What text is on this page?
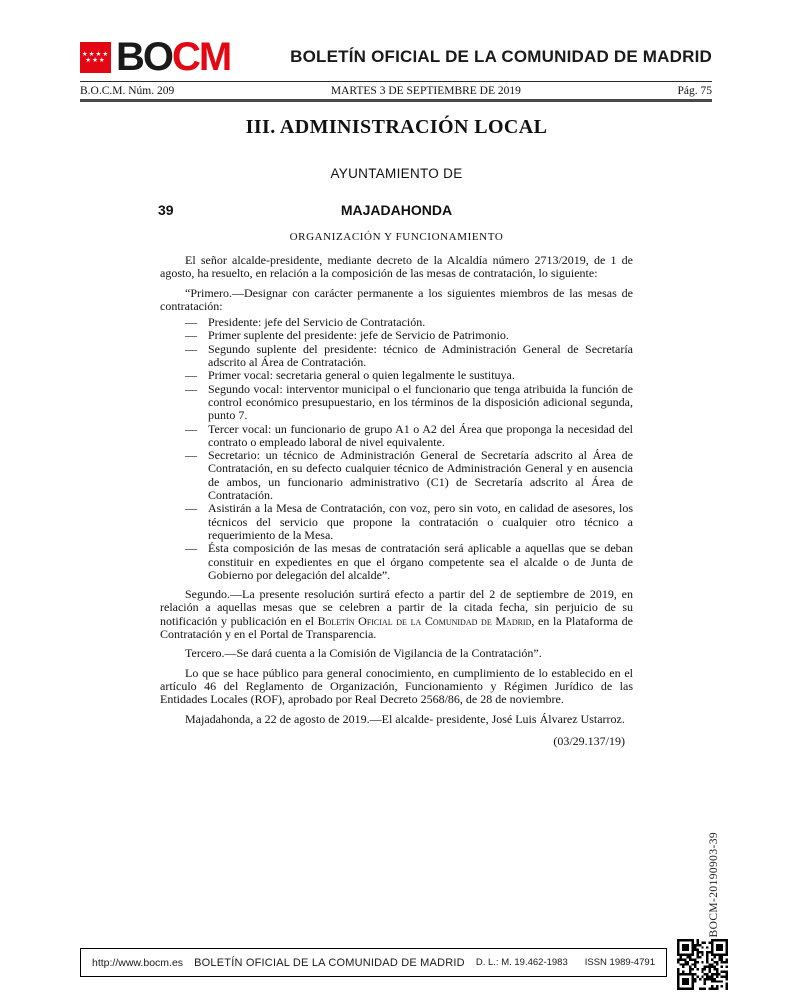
★★★★
★★★ BOCM	BOLETÍN OFICIAL DE LA COMUNIDAD DE MADRID
B.O.C.M. Núm. 209	MARTES 3 DE SEPTIEMBRE DE 2019	Pág. 75
III. ADMINISTRACIÓN LOCAL
AYUNTAMIENTO DE
39	MAJADAHONDA
ORGANIZACIÓN Y FUNCIONAMIENTO

El señor alcalde-presidente, mediante decreto de la Alcaldía número 2713/2019, de 1 de agosto, ha resuelto, en relación a la composición de las mesas de contratación, lo siguiente:

“Primero.—Designar con carácter permanente a los siguientes miembros de las mesas de contratación:

— Presidente: jefe del Servicio de Contratación.
— Primer suplente del presidente: jefe de Servicio de Patrimonio.
— Segundo suplente del presidente: técnico de Administración General de Secretaría adscrito al Área de Contratación.
— Primer vocal: secretaria general o quien legalmente le sustituya.
— Segundo vocal: interventor municipal o el funcionario que tenga atribuida la función de control económico presupuestario, en los términos de la disposición adicional segunda, punto 7.
— Tercer vocal: un funcionario de grupo A1 o A2 del Área que proponga la necesidad del contrato o empleado laboral de nivel equivalente.
— Secretario: un técnico de Administración General de Secretaría adscrito al Área de Contratación, en su defecto cualquier técnico de Administración General y en ausencia de ambos, un funcionario administrativo (C1) de Secretaría adscrito al Área de Contratación.
— Asistirán a la Mesa de Contratación, con voz, pero sin voto, en calidad de asesores, los técnicos del servicio que propone la contratación o cualquier otro técnico a requerimiento de la Mesa.
— Ésta composición de las mesas de contratación será aplicable a aquellas que se deban constituir en expedientes en que el órgano competente sea el alcalde o de Junta de Gobierno por delegación del alcalde”.

Segundo.—La presente resolución surtirá efecto a partir del 2 de septiembre de 2019, en relación a aquellas mesas que se celebren a partir de la citada fecha, sin perjuicio de su notificación y publicación en el Boletín Oficial de la Comunidad de Madrid, en la Plataforma de Contratación y en el Portal de Transparencia.

Tercero.—Se dará cuenta a la Comisión de Vigilancia de la Contratación”.

Lo que se hace público para general conocimiento, en cumplimiento de lo establecido en el artículo 46 del Reglamento de Organización, Funcionamiento y Régimen Jurídico de las Entidades Locales (ROF), aprobado por Real Decreto 2568/86, de 28 de noviembre.

Majadahonda, a 22 de agosto de 2019.—El alcalde- presidente, José Luis Álvarez Ustarroz.

(03/29.137/19)

BOCM-20190903-39
http://www.bocm.es	BOLETÍN OFICIAL DE LA COMUNIDAD DE MADRID	D. L.: M. 19.462-1983 ISSN 1989-4791
